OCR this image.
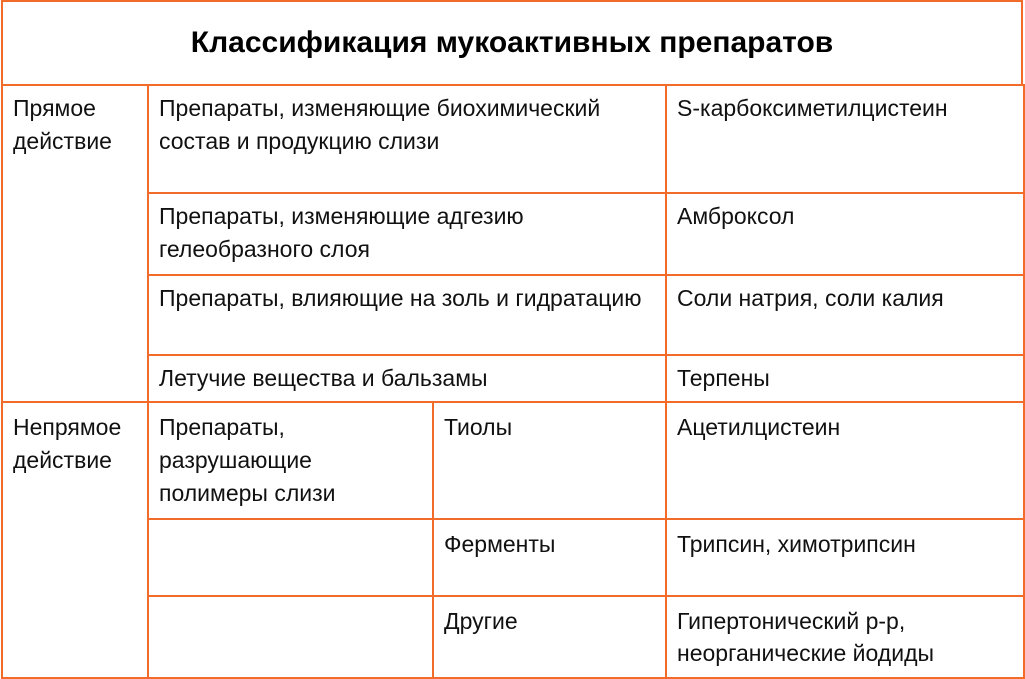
Классификация мукоактивных препаратов
Прямое действие	Препараты, изменяющие биохимический состав и продукцию слизи		S-карбоксиметилцистеин
	Препараты, изменяющие адгезию гелеобразного слоя		Амброксол
	Препараты, влияющие на золь и гидратацию		Соли натрия, соли калия
	Летучие вещества и бальзамы		Терпены
Непрямое действие	Препараты, разрушающие полимеры слизи	Тиолы	Ацетилцистеин
		Ферменты	Трипсин, химотрипсин
		Другие	Гипертонический р-р, неорганические йодиды
